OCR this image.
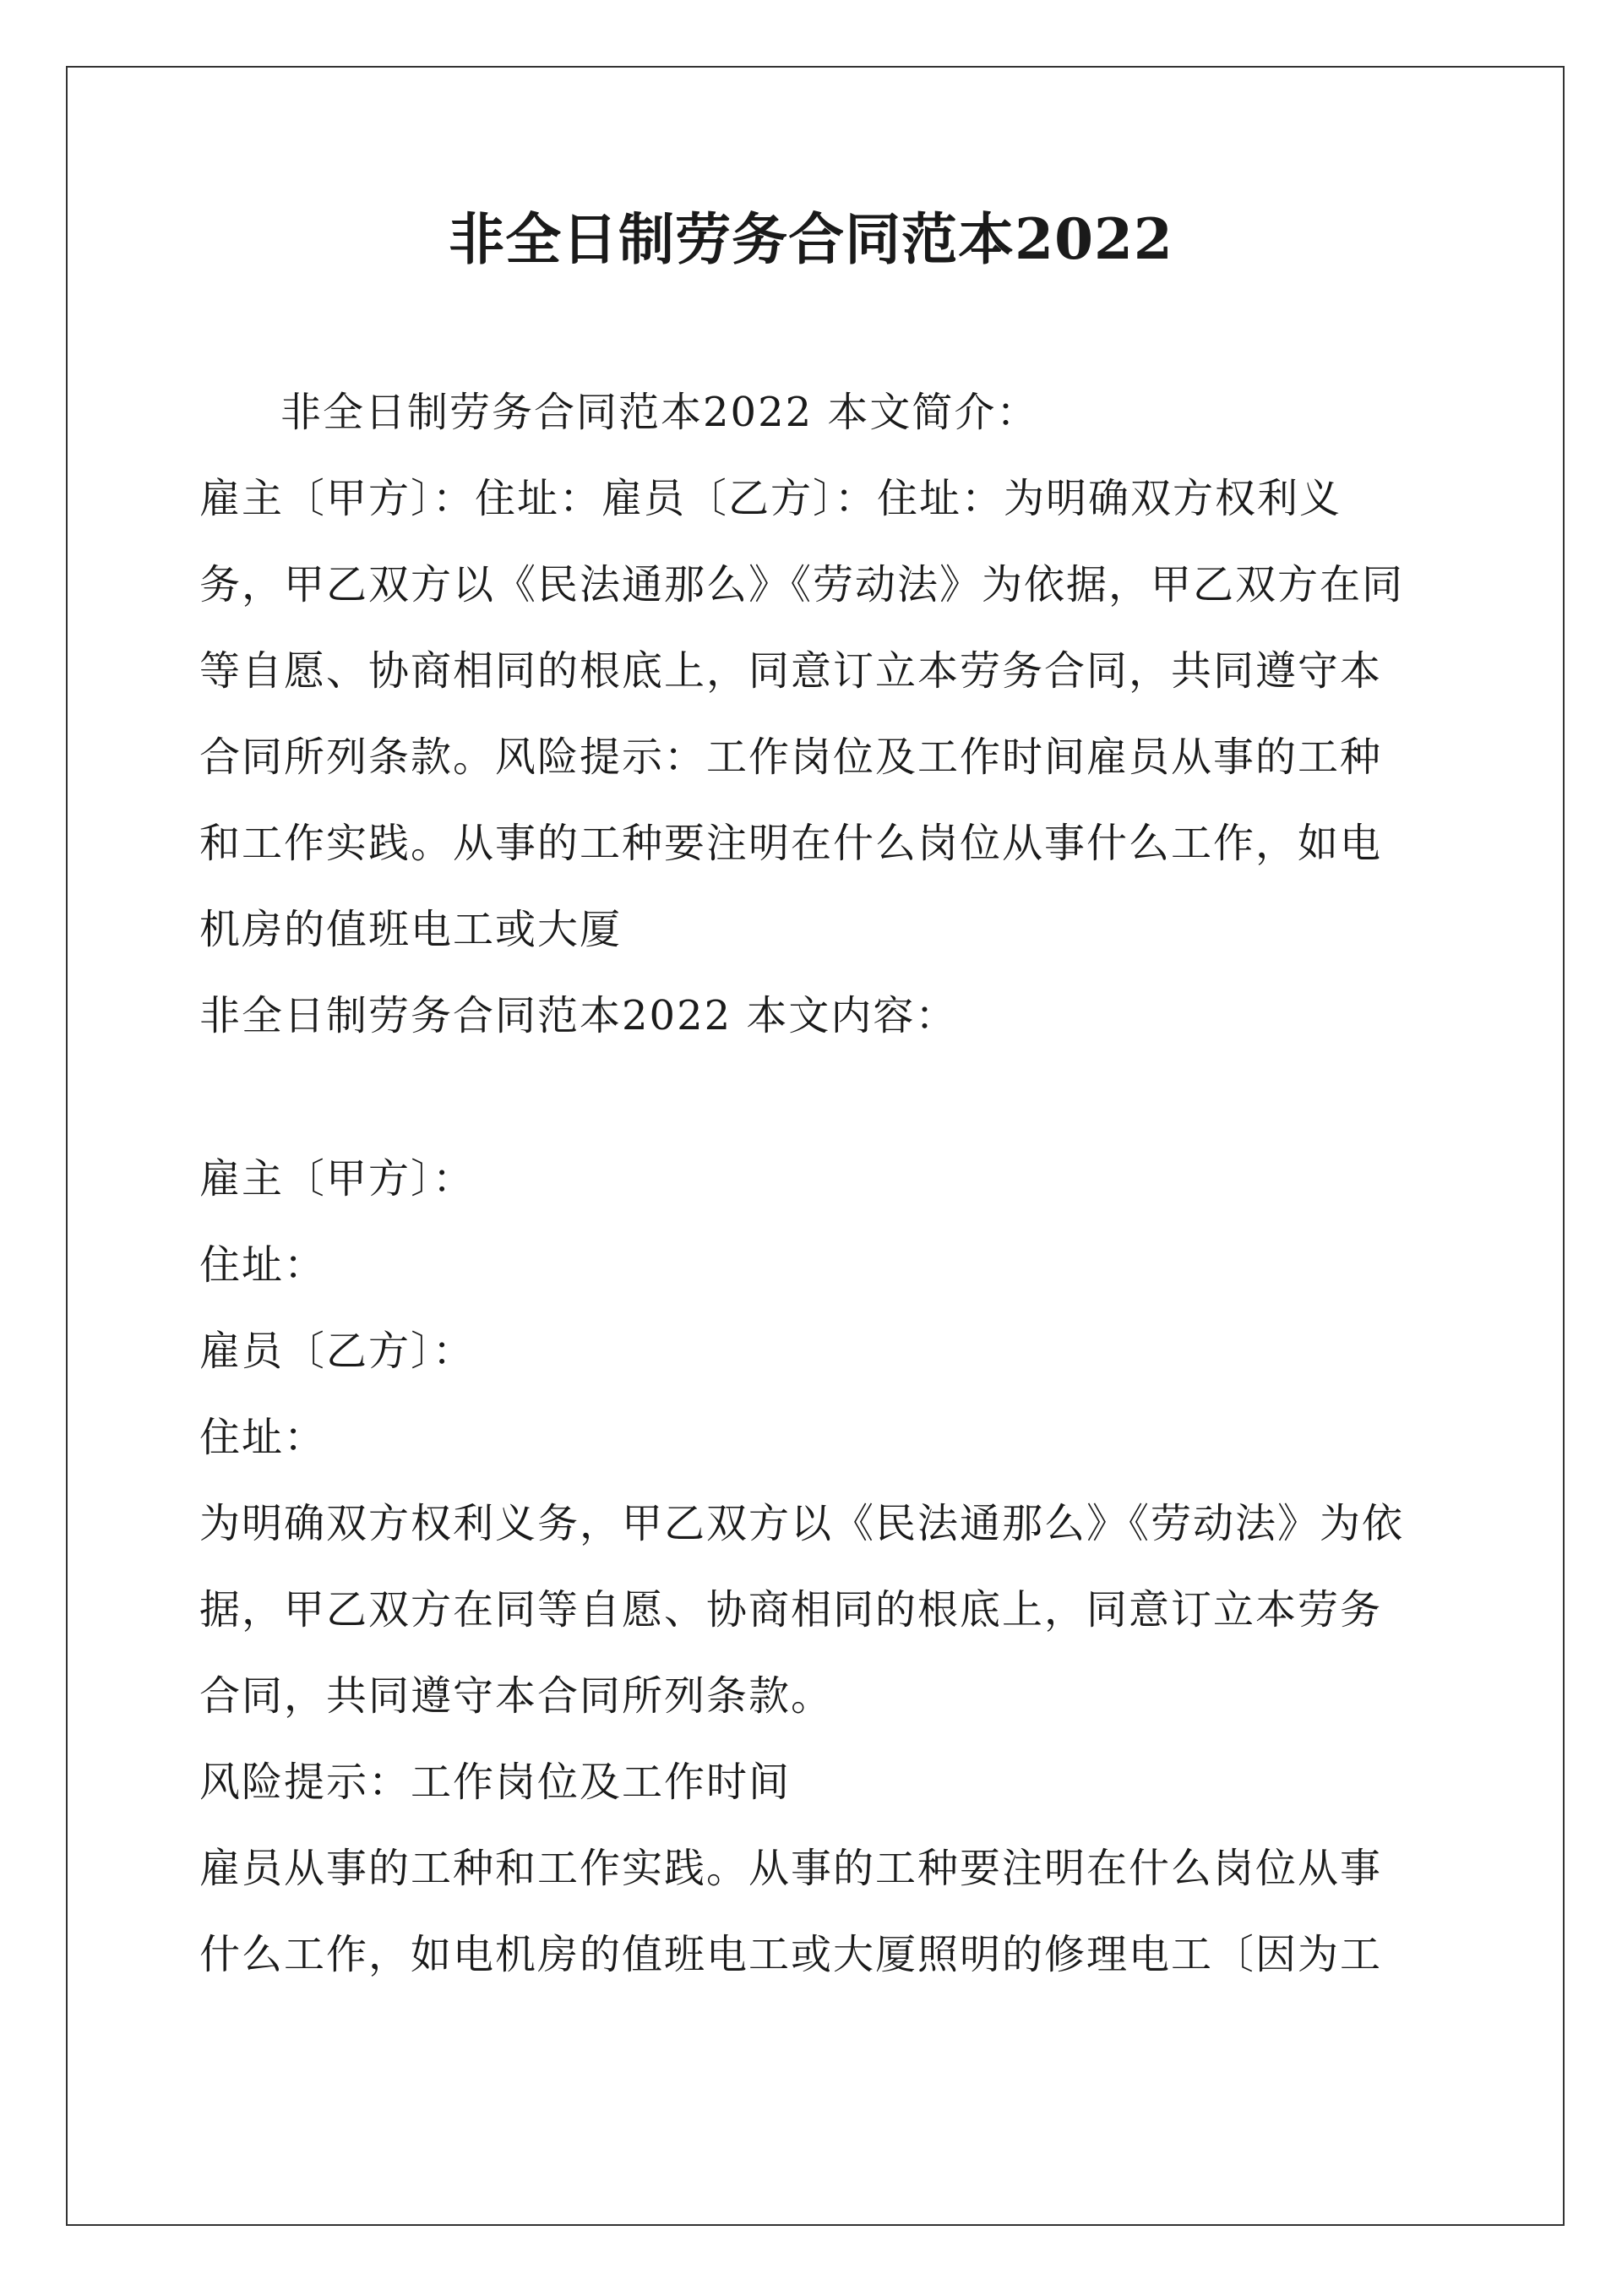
非全日制劳务合同范本2022
非全日制劳务合同范本2022 本文简介：
雇主〔甲方〕：住址：雇员〔乙方〕：住址：为明确双方权利义
务，甲乙双方以《民法通那么》《劳动法》为依据，甲乙双方在同
等自愿、协商相同的根底上，同意订立本劳务合同，共同遵守本
合同所列条款。风险提示：工作岗位及工作时间雇员从事的工种
和工作实践。从事的工种要注明在什么岗位从事什么工作，如电
机房的值班电工或大厦
非全日制劳务合同范本2022 本文内容：
雇主〔甲方〕：
住址：
雇员〔乙方〕：
住址：
为明确双方权利义务，甲乙双方以《民法通那么》《劳动法》为依
据，甲乙双方在同等自愿、协商相同的根底上，同意订立本劳务
合同，共同遵守本合同所列条款。
风险提示：工作岗位及工作时间
雇员从事的工种和工作实践。从事的工种要注明在什么岗位从事
什么工作，如电机房的值班电工或大厦照明的修理电工〔因为工
